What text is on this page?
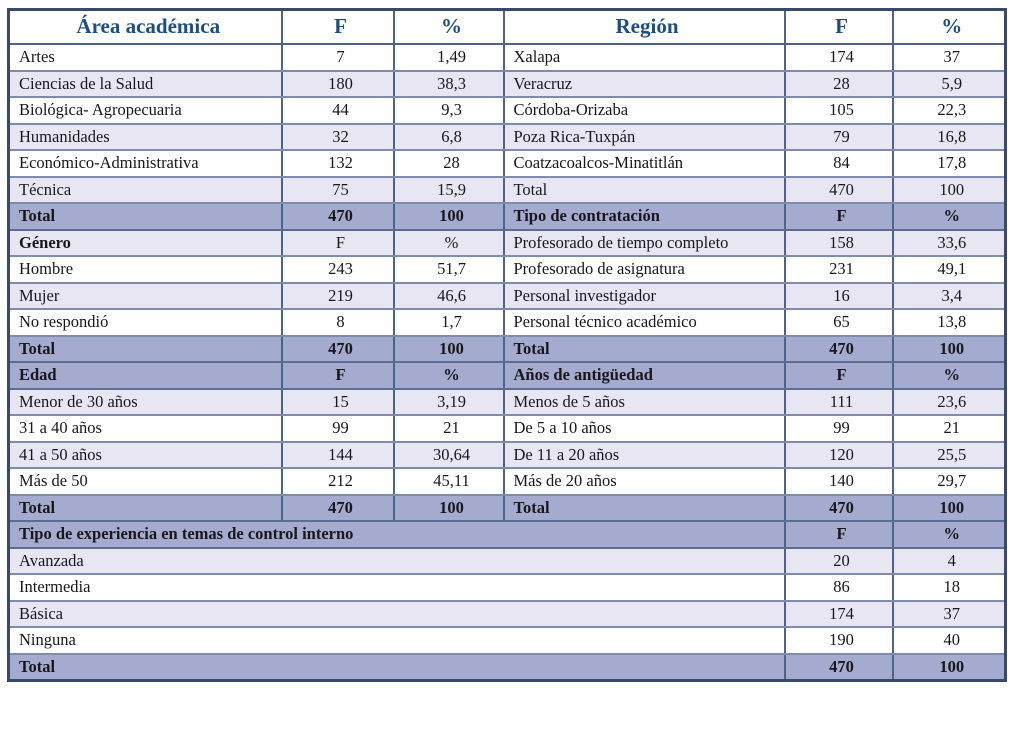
Área académica	F	%	Región	F	%
Artes	7	1,49	Xalapa	174	37
Ciencias de la Salud	180	38,3	Veracruz	28	5,9
Biológica- Agropecuaria	44	9,3	Córdoba-Orizaba	105	22,3
Humanidades	32	6,8	Poza Rica-Tuxpán	79	16,8
Económico-Administrativa	132	28	Coatzacoalcos-Minatitlán	84	17,8
Técnica	75	15,9	Total	470	100
Total	470	100	Tipo de contratación	F	%
Género	F	%	Profesorado de tiempo completo	158	33,6
Hombre	243	51,7	Profesorado de asignatura	231	49,1
Mujer	219	46,6	Personal investigador	16	3,4
No respondió	8	1,7	Personal técnico académico	65	13,8
Total	470	100	Total	470	100
Edad	F	%	Años de antigüedad	F	%
Menor de 30 años	15	3,19	Menos de 5 años	111	23,6
31 a 40 años	99	21	De 5 a 10 años	99	21
41 a 50 años	144	30,64	De 11 a 20 años	120	25,5
Más de 50	212	45,11	Más de 20 años	140	29,7
Total	470	100	Total	470	100
Tipo de experiencia en temas de control interno				F	%
Avanzada				20	4
Intermedia				86	18
Básica				174	37
Ninguna				190	40
Total				470	100
